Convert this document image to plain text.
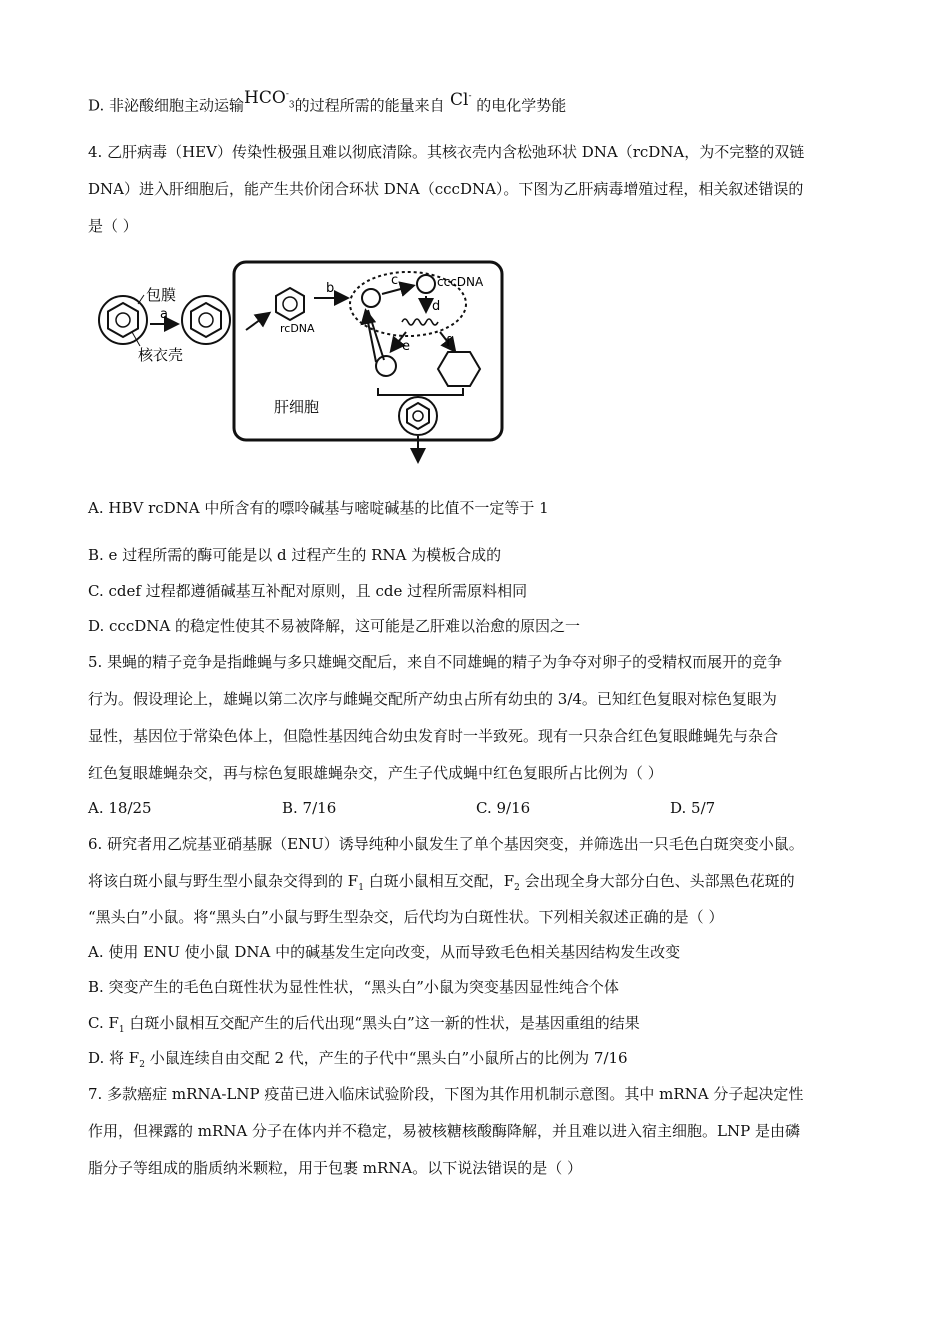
D. 非泌酸细胞主动运输$HCO^-_3$的过程所需的能量来自 Cl- 的电化学势能
4. 乙肝病毒（HEV）传染性极强且难以彻底清除。其核衣壳内含松弛环状 DNA（rcDNA，为不完整的双链
DNA）进入肝细胞后，能产生共价闭合环状 DNA（cccDNA）。下图为乙肝病毒增殖过程，相关叙述错误的
是（ ）
包膜
核衣壳
a
肝细胞
rcDNA
b
c	cccDNA
d
e	f
A. HBV rcDNA 中所含有的嘌呤碱基与嘧啶碱基的比值不一定等于 1
B. e 过程所需的酶可能是以 d 过程产生的 RNA 为模板合成的
C. cdef 过程都遵循碱基互补配对原则，且 cde 过程所需原料相同
D. cccDNA 的稳定性使其不易被降解，这可能是乙肝难以治愈的原因之一
5. 果蝇的精子竞争是指雌蝇与多只雄蝇交配后，来自不同雄蝇的精子为争夺对卵子的受精权而展开的竞争
行为。假设理论上，雄蝇以第二次序与雌蝇交配所产幼虫占所有幼虫的 3/4。已知红色复眼对棕色复眼为
显性，基因位于常染色体上，但隐性基因纯合幼虫发育时一半致死。现有一只杂合红色复眼雌蝇先与杂合
红色复眼雄蝇杂交，再与棕色复眼雄蝇杂交，产生子代成蝇中红色复眼所占比例为（ ）
A. 18/25	B. 7/16	C. 9/16	D. 5/7
6. 研究者用乙烷基亚硝基脲（ENU）诱导纯种小鼠发生了单个基因突变，并筛选出一只毛色白斑突变小鼠。
将该白斑小鼠与野生型小鼠杂交得到的 $F_1$ 白斑小鼠相互交配，$F_2$ 会出现全身大部分白色、头部黑色花斑的
“黑头白”小鼠。将“黑头白”小鼠与野生型杂交，后代均为白斑性状。下列相关叙述正确的是（ ）
A. 使用 ENU 使小鼠 DNA 中的碱基发生定向改变，从而导致毛色相关基因结构发生改变
B. 突变产生的毛色白斑性状为显性性状，“黑头白”小鼠为突变基因显性纯合个体
C. $F_1$ 白斑小鼠相互交配产生的后代出现“黑头白”这一新的性状，是基因重组的结果
D. 将 $F_2$ 小鼠连续自由交配 2 代，产生的子代中“黑头白”小鼠所占的比例为 7/16
7. 多款癌症 mRNA-LNP 疫苗已进入临床试验阶段，下图为其作用机制示意图。其中 mRNA 分子起决定性
作用，但裸露的 mRNA 分子在体内并不稳定，易被核糖核酸酶降解，并且难以进入宿主细胞。LNP 是由磷
脂分子等组成的脂质纳米颗粒，用于包裹 mRNA。以下说法错误的是（ ）
